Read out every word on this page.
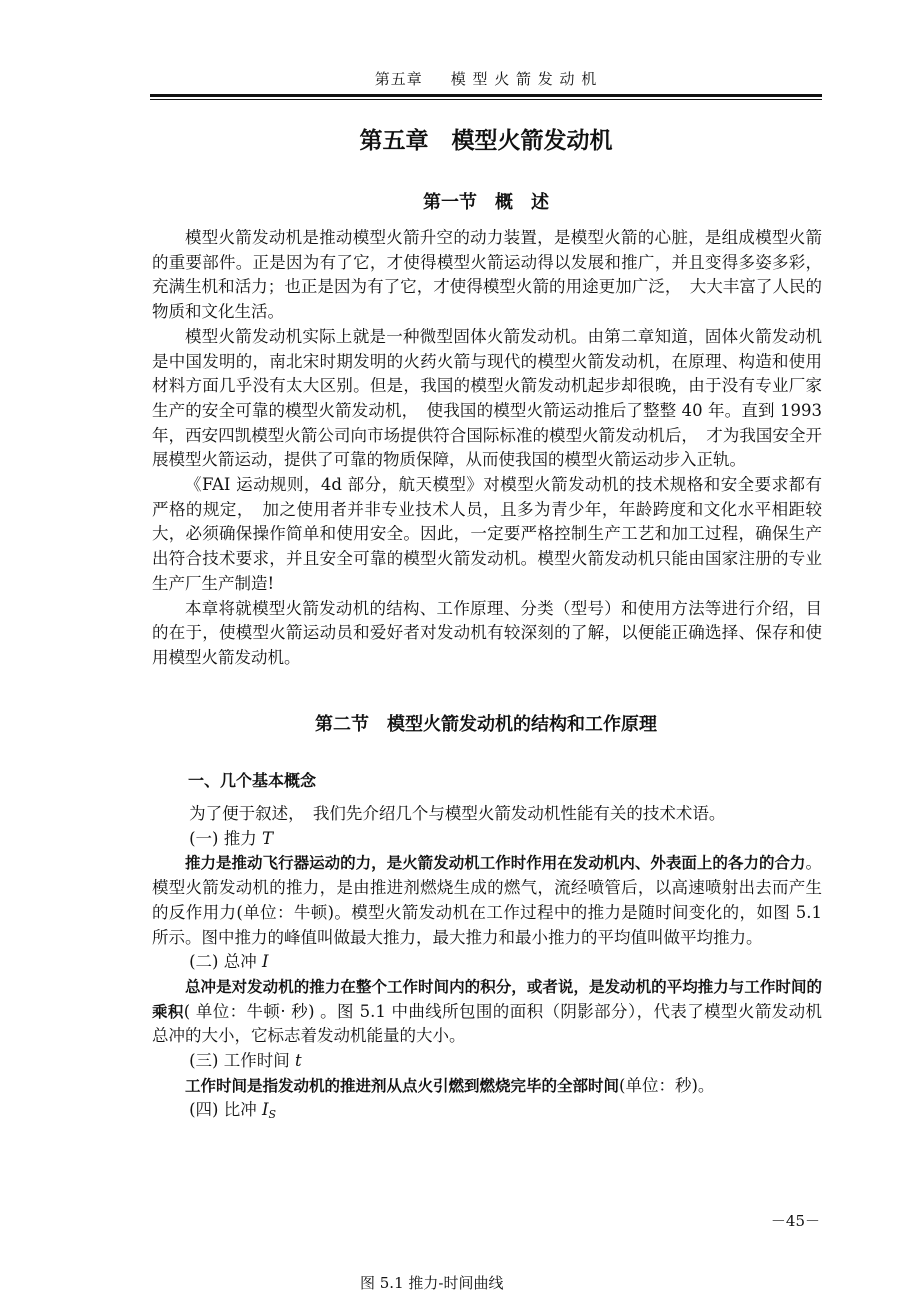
第五章 模 型 火 箭 发 动 机
第五章　模型火箭发动机
第一节　概　述

模型火箭发动机是推动模型火箭升空的动力装置，是模型火箭的心脏，是组成模型火箭的重要部件。正是因为有了它，才使得模型火箭运动得以发展和推广，并且变得多姿多彩，充满生机和活力；也正是因为有了它，才使得模型火箭的用途更加广泛，　大大丰富了人民的物质和文化生活。

模型火箭发动机实际上就是一种微型固体火箭发动机。由第二章知道，固体火箭发动机是中国发明的，南北宋时期发明的火药火箭与现代的模型火箭发动机，在原理、构造和使用材料方面几乎没有太大区别。但是，我国的模型火箭发动机起步却很晚，由于没有专业厂家生产的安全可靠的模型火箭发动机，　使我国的模型火箭运动推后了整整 40 年。直到 1993 年，西安四凯模型火箭公司向市场提供符合国际标准的模型火箭发动机后，　才为我国安全开展模型火箭运动，提供了可靠的物质保障，从而使我国的模型火箭运动步入正轨。

《FAI 运动规则，4d 部分，航天模型》对模型火箭发动机的技术规格和安全要求都有严格的规定，　加之使用者并非专业技术人员，且多为青少年，年龄跨度和文化水平相距较大，必须确保操作简单和使用安全。因此，一定要严格控制生产工艺和加工过程，确保生产出符合技术要求，并且安全可靠的模型火箭发动机。模型火箭发动机只能由国家注册的专业生产厂生产制造!

本章将就模型火箭发动机的结构、工作原理、分类（型号）和使用方法等进行介绍，目的在于，使模型火箭运动员和爱好者对发动机有较深刻的了解，以便能正确选择、保存和使用模型火箭发动机。

第二节　模型火箭发动机的结构和工作原理
一、几个基本概念

为了便于叙述，　我们先介绍几个与模型火箭发动机性能有关的技术术语。

(一) 推力 T

推力是推动飞行器运动的力，是火箭发动机工作时作用在发动机内、外表面上的各力的合力。模型火箭发动机的推力，是由推进剂燃烧生成的燃气，流经喷管后，以高速喷射出去而产生的反作用力(单位：牛顿)。模型火箭发动机在工作过程中的推力是随时间变化的，如图 5.1 所示。图中推力的峰值叫做最大推力，最大推力和最小推力的平均值叫做平均推力。

(二) 总冲 I

总冲是对发动机的推力在整个工作时间内的积分，或者说，是发动机的平均推力与工作时间的乘积( 单位：牛顿· 秒) 。图 5.1 中曲线所包围的面积（阴影部分），代表了模型火箭发动机总冲的大小，它标志着发动机能量的大小。

(三) 工作时间 t

工作时间是指发动机的推进剂从点火引燃到燃烧完毕的全部时间(单位：秒)。

(四) 比冲 $I_S$

－45－
图 5.1 推力-时间曲线
